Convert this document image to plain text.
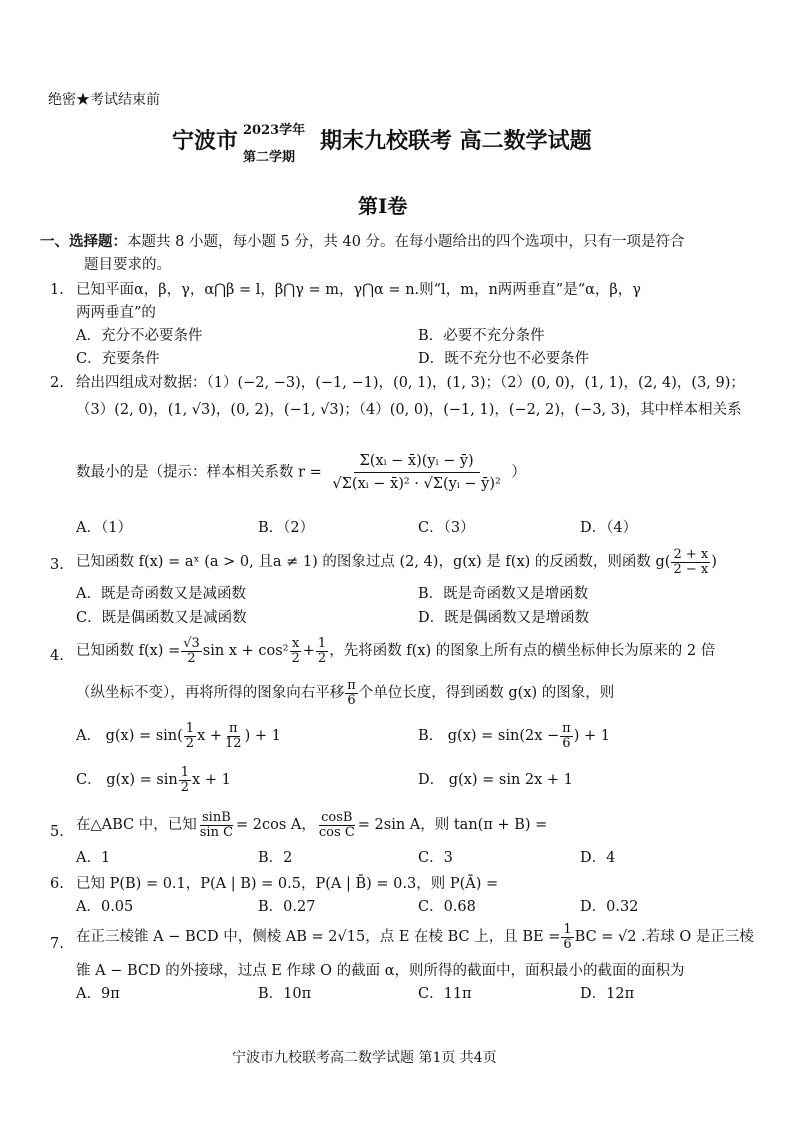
绝密★考试结束前
宁波市 2023学年
第二学期
期末九校联考 高二数学试题
第Ⅰ卷
一、选择题：本题共 8 小题，每小题 5 分，共 40 分。在每小题给出的四个选项中，只有一项是符合
题目要求的。
1. 已知平面α，β，γ，α⋂β = l，β⋂γ = m，γ⋂α = n.则“l，m，n两两垂直”是“α，β，γ
两两垂直”的
A．充分不必要条件	B．必要不充分条件
C．充要条件	D．既不充分也不必要条件
2. 给出四组成对数据：（1）(−2, −3)，(−1, −1)，(0, 1)，(1, 3)；（2）(0, 0)，(1, 1)，(2, 4)，(3, 9)；
（3）(2, 0)，(1, √3)，(0, 2)，(−1, √3)；（4）(0, 0)，(−1, 1)，(−2, 2)，(−3, 3)，其中样本相关系
数最小的是（提示：样本相关系数 $r = \frac{\text{Σ(xᵢ − x̄)(yᵢ − ȳ)}}{\text{√Σ(xᵢ − x̄)² · √Σ(yᵢ − ȳ)²}}$ ）
A．（1）	B．（2）	C．（3）	D．（4）
3. 已知函数 f(x) = aˣ (a > 0, 且a ≠ 1) 的图象过点 (2, 4)，g(x) 是 f(x) 的反函数，则函数 $g( \frac{2 + x}{2 - x}$ )
A．既是奇函数又是减函数	B．既是奇函数又是增函数
C．既是偶函数又是减函数	D．既是偶函数又是增函数
4. 已知函数 $f(x) = \frac{√3}{2}$ $\sin x + \cos^2 \frac{x}{2} + \frac{1}{2}$ ，先将函数 f(x) 的图象上所有点的横坐标伸长为原来的 2 倍
（纵坐标不变），再将所得的图象向右平移 $\frac{\pi}{6}$ 个单位长度，得到函数 g(x) 的图象，则
A． $g(x) = \sin( \frac{1}{2}$ $x + \frac{\pi}{12}$ ) + 1	B． $g(x) = \sin(2x - \frac{\pi}{6}$ ) + 1
C． $g(x) = \sin \frac{1}{2}$ x + 1	D． g(x) = sin 2x + 1
5. 在△ABC 中，已知 $\frac{\sin B}{\text{sin C}} = 2\cos$ A， $\frac{\cos B}{\text{cos C}} = 2\sin$ A，则 tan(π + B) =
A．1	B．2	C．3	D．4
6. 已知 P(B) = 0.1，P(A | B) = 0.5，P(A | B̄) = 0.3，则 P(Ā) =
A．0.05	B．0.27	C．0.68	D．0.32
7. 在正三棱锥 A − BCD 中，侧棱 AB = 2√15，点 E 在棱 BC 上，且 BE = $\frac{1}{6}$ BC = √2 .若球 O 是正三棱
锥 A − BCD 的外接球，过点 E 作球 O 的截面 α，则所得的截面中，面积最小的截面的面积为
A．9π	B．10π	C．11π	D．12π
宁波市九校联考高二数学试题 第1页 共4页
